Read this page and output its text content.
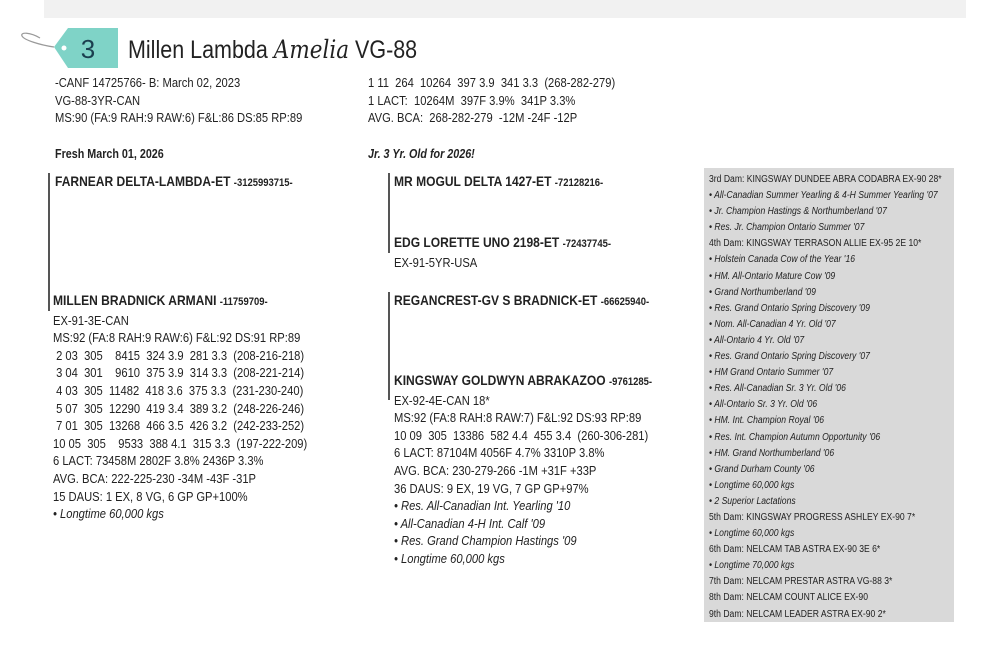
3 Millen Lambda Amelia VG-88
-CANF 14725766- B: March 02, 2023
VG-88-3YR-CAN
MS:90 (FA:9 RAH:9 RAW:6) F&L:86 DS:85 RP:89
1 11  264  10264  397 3.9  341 3.3  (268-282-279)
1 LACT:  10264M  397F 3.9%  341P 3.3%
AVG. BCA:  268-282-279  -12M -24F -12P
Fresh March 01, 2026	Jr. 3 Yr. Old for 2026!
FARNEAR DELTA-LAMBDA-ET -3125993715-	MR MOGUL DELTA 1427-ET -72128216-
EDG LORETTE UNO 2198-ET -72437745-
EX-91-5YR-USA
MILLEN BRADNICK ARMANI -11759709-
EX-91-3E-CAN
MS:92 (FA:8 RAH:9 RAW:6) F&L:92 DS:91 RP:89
2 03  305    8415  324 3.9  281 3.3  (208-216-218)
3 04  301    9610  375 3.9  314 3.3  (208-221-214)
4 03  305  11482  418 3.6  375 3.3  (231-230-240)
5 07  305  12290  419 3.4  389 3.2  (248-226-246)
7 01  305  13268  466 3.5  426 3.2  (242-233-252)
10 05  305    9533  388 4.1  315 3.3  (197-222-209)
6 LACT: 73458M 2802F 3.8% 2436P 3.3%
AVG. BCA: 222-225-230 -34M -43F -31P
15 DAUS: 1 EX, 8 VG, 6 GP GP+100%
• Longtime 60,000 kgs
REGANCREST-GV S BRADNICK-ET -66625940-
KINGSWAY GOLDWYN ABRAKAZOO -9761285-
EX-92-4E-CAN 18*
MS:92 (FA:8 RAH:8 RAW:7) F&L:92 DS:93 RP:89
10 09  305  13386  582 4.4  455 3.4  (260-306-281)
6 LACT: 87104M 4056F 4.7% 3310P 3.8%
AVG. BCA: 230-279-266 -1M +31F +33P
36 DAUS: 9 EX, 19 VG, 7 GP GP+97%
• Res. All-Canadian Int. Yearling '10
• All-Canadian 4-H Int. Calf '09
• Res. Grand Champion Hastings '09
• Longtime 60,000 kgs
3rd Dam: KINGSWAY DUNDEE ABRA CODABRA EX-90 28*
• All-Canadian Summer Yearling & 4-H Summer Yearling '07
• Jr. Champion Hastings & Northumberland '07
• Res. Jr. Champion Ontario Summer '07
4th Dam: KINGSWAY TERRASON ALLIE EX-95 2E 10*
• Holstein Canada Cow of the Year '16
• HM. All-Ontario Mature Cow '09
• Grand Northumberland '09
• Res. Grand Ontario Spring Discovery '09
• Nom. All-Canadian 4 Yr. Old '07
• All-Ontario 4 Yr. Old '07
• Res. Grand Ontario Spring Discovery '07
• HM Grand Ontario Summer '07
• Res. All-Canadian Sr. 3 Yr. Old '06
• All-Ontario Sr. 3 Yr. Old '06
• HM. Int. Champion Royal '06
• Res. Int. Champion Autumn Opportunity '06
• HM. Grand Northumberland '06
• Grand Durham County '06
• Longtime 60,000 kgs
• 2 Superior Lactations
5th Dam: KINGSWAY PROGRESS ASHLEY EX-90 7*
• Longtime 60,000 kgs
6th Dam: NELCAM TAB ASTRA EX-90 3E 6*
• Longtime 70,000 kgs
7th Dam: NELCAM PRESTAR ASTRA VG-88 3*
8th Dam: NELCAM COUNT ALICE EX-90
9th Dam: NELCAM LEADER ASTRA EX-90 2*
